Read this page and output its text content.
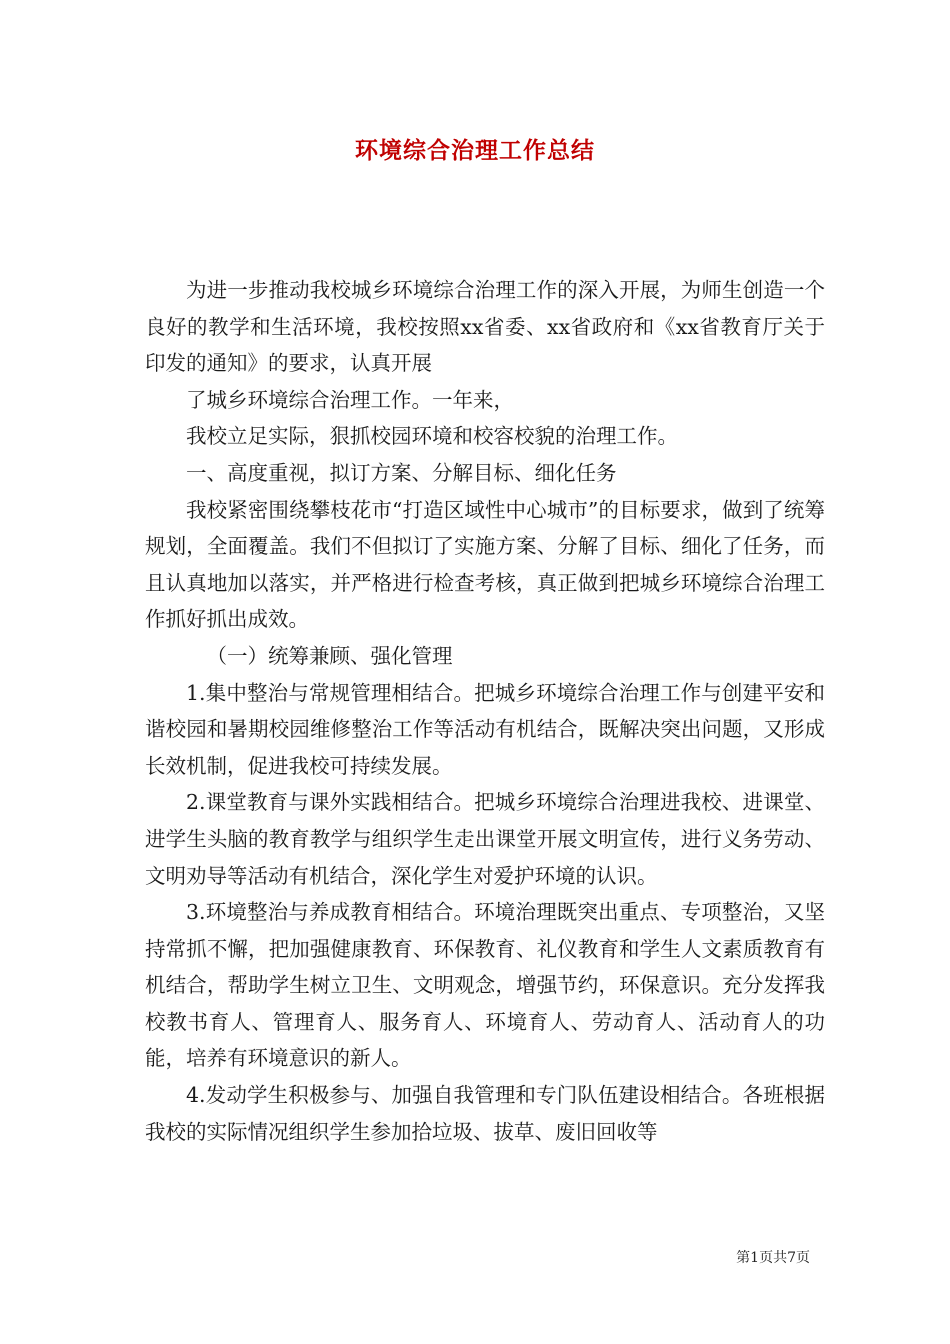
环境综合治理工作总结

为进一步推动我校城乡环境综合治理工作的深入开展，为师生创造一个良好的教学和生活环境，我校按照xx省委、xx省政府和《xx省教育厅关于印发的通知》的要求，认真开展

了城乡环境综合治理工作。一年来，

我校立足实际，狠抓校园环境和校容校貌的治理工作。

一、高度重视，拟订方案、分解目标、细化任务

我校紧密围绕攀枝花市“打造区域性中心城市”的目标要求，做到了统筹规划，全面覆盖。我们不但拟订了实施方案、分解了目标、细化了任务，而且认真地加以落实，并严格进行检查考核，真正做到把城乡环境综合治理工作抓好抓出成效。

（一）统筹兼顾、强化管理

1.集中整治与常规管理相结合。把城乡环境综合治理工作与创建平安和谐校园和暑期校园维修整治工作等活动有机结合，既解决突出问题，又形成长效机制，促进我校可持续发展。

2.课堂教育与课外实践相结合。把城乡环境综合治理进我校、进课堂、进学生头脑的教育教学与组织学生走出课堂开展文明宣传，进行义务劳动、文明劝导等活动有机结合，深化学生对爱护环境的认识。

3.环境整治与养成教育相结合。环境治理既突出重点、专项整治，又坚持常抓不懈，把加强健康教育、环保教育、礼仪教育和学生人文素质教育有机结合，帮助学生树立卫生、文明观念，增强节约，环保意识。充分发挥我校教书育人、管理育人、服务育人、环境育人、劳动育人、活动育人的功能，培养有环境意识的新人。

4.发动学生积极参与、加强自我管理和专门队伍建设相结合。各班根据我校的实际情况组织学生参加拾垃圾、拔草、废旧回收等

第1页共7页
